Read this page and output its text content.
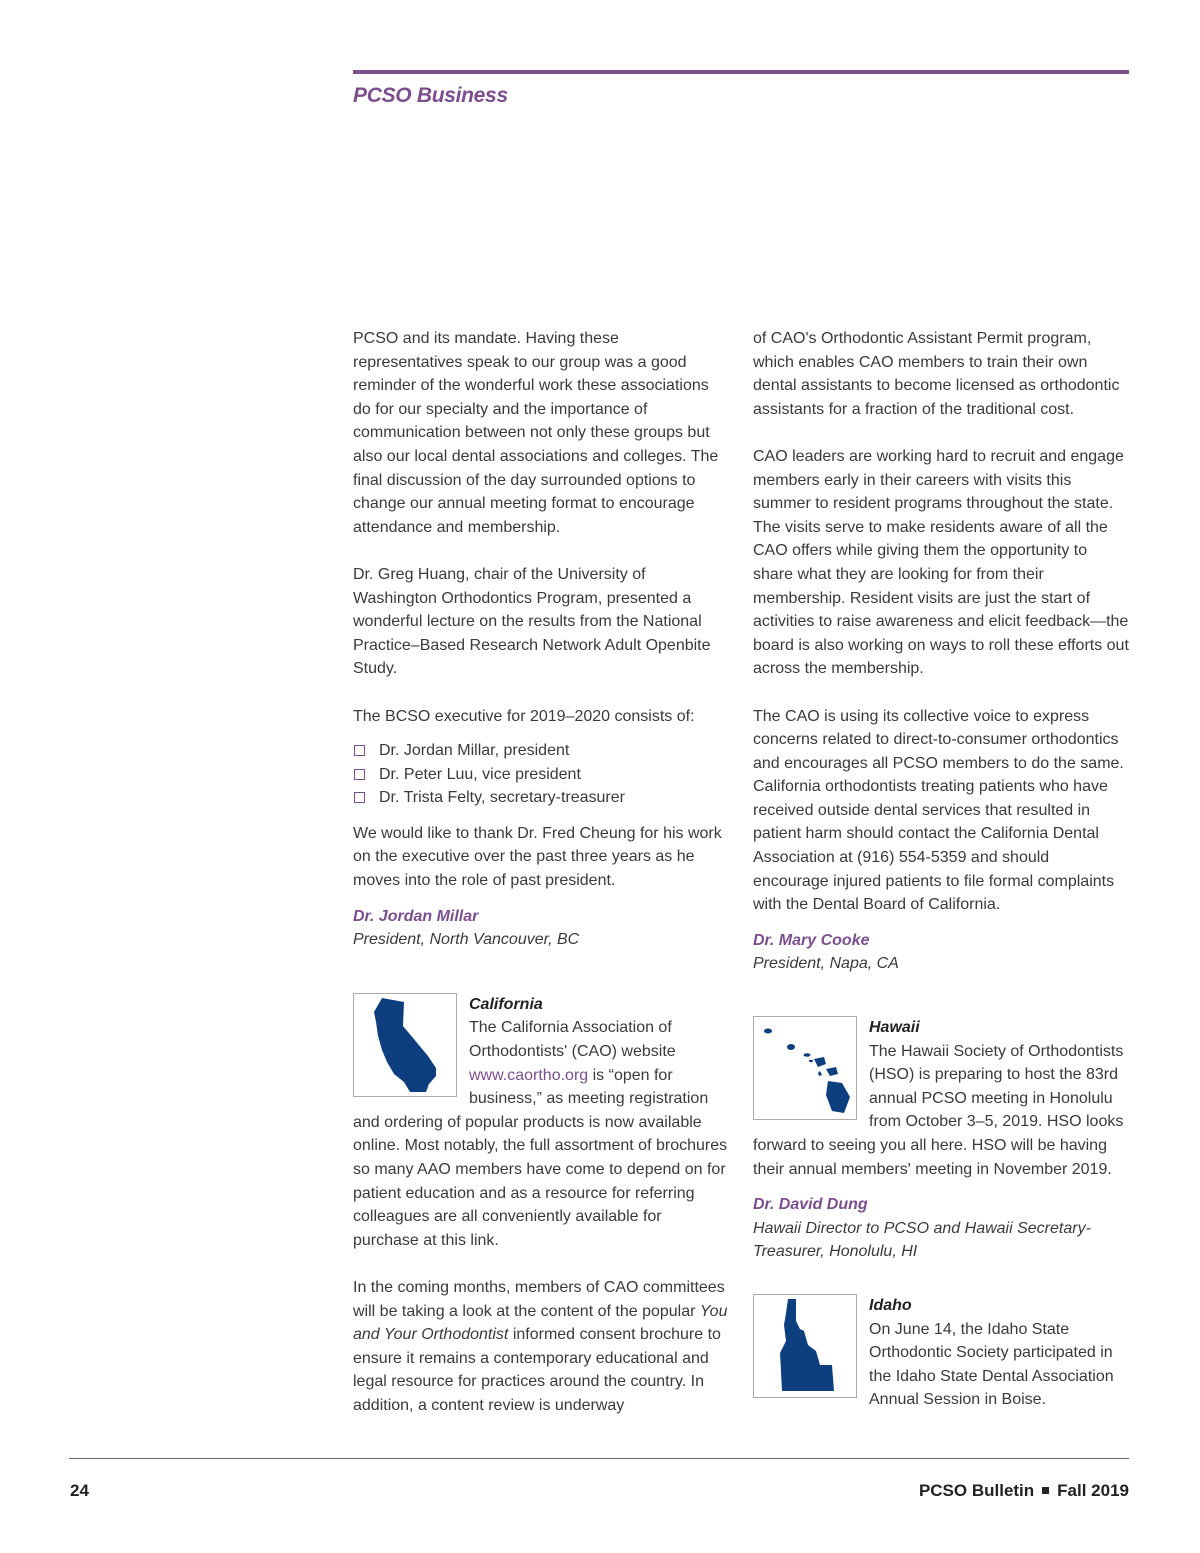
PCSO Business

PCSO and its mandate. Having these representatives speak to our group was a good reminder of the wonderful work these associations do for our specialty and the importance of communication between not only these groups but also our local dental associations and colleges. The final discussion of the day surrounded options to change our annual meeting format to encourage attendance and membership.

Dr. Greg Huang, chair of the University of Washington Orthodontics Program, presented a wonderful lecture on the results from the National Practice–Based Research Network Adult Openbite Study.

The BCSO executive for 2019–2020 consists of:

Dr. Jordan Millar, president
Dr. Peter Luu, vice president
Dr. Trista Felty, secretary-treasurer

We would like to thank Dr. Fred Cheung for his work on the executive over the past three years as he moves into the role of past president.

Dr. Jordan Millar

President, North Vancouver, BC

California

The California Association of Orthodontists' (CAO) website www.caortho.org is “open for business,” as meeting registration and ordering of popular products is now available online. Most notably, the full assortment of brochures so many AAO members have come to depend on for patient education and as a resource for referring colleagues are all conveniently available for purchase at this link.

In the coming months, members of CAO committees will be taking a look at the content of the popular You and Your Orthodontist informed consent brochure to ensure it remains a contemporary educational and legal resource for practices around the country. In addition, a content review is underway

of CAO's Orthodontic Assistant Permit program, which enables CAO members to train their own dental assistants to become licensed as orthodontic assistants for a fraction of the traditional cost.

CAO leaders are working hard to recruit and engage members early in their careers with visits this summer to resident programs throughout the state. The visits serve to make residents aware of all the CAO offers while giving them the opportunity to share what they are looking for from their membership. Resident visits are just the start of activities to raise awareness and elicit feedback—the board is also working on ways to roll these efforts out across the membership.

The CAO is using its collective voice to express concerns related to direct-to-consumer orthodontics and encourages all PCSO members to do the same. California orthodontists treating patients who have received outside dental services that resulted in patient harm should contact the California Dental Association at (916) 554-5359 and should encourage injured patients to file formal complaints with the Dental Board of California.

Dr. Mary Cooke

President, Napa, CA

Hawaii

The Hawaii Society of Orthodontists (HSO) is preparing to host the 83rd annual PCSO meeting in Honolulu from October 3–5, 2019. HSO looks forward to seeing you all here. HSO will be having their annual members' meeting in November 2019.

Dr. David Dung

Hawaii Director to PCSO and Hawaii Secretary-Treasurer, Honolulu, HI

Idaho

On June 14, the Idaho State Orthodontic Society participated in the Idaho State Dental Association Annual Session in Boise.

24	PCSO Bulletin Fall 2019
